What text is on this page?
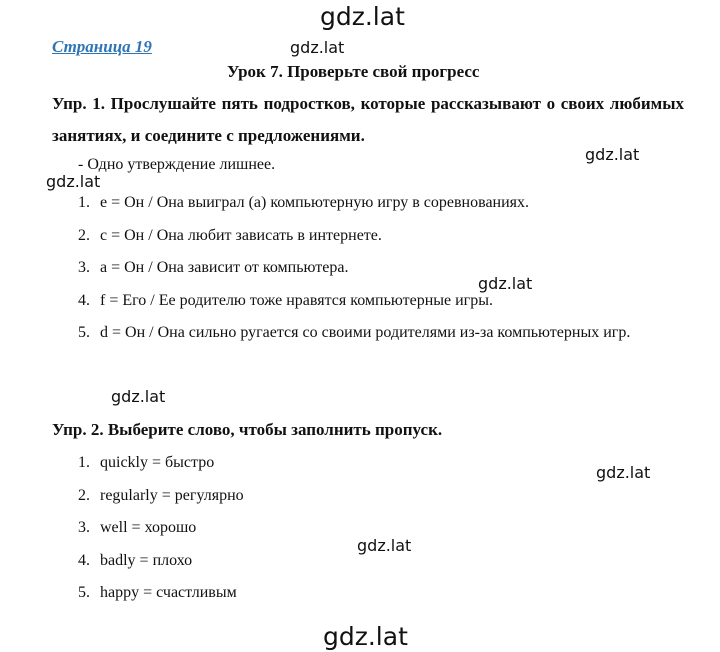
gdz.lat
gdz.lat
gdz.lat
gdz.lat
gdz.lat
gdz.lat
gdz.lat
gdz.lat
gdz.lat
Страница 19
Урок 7. Проверьте свой прогресс

Упр. 1. Прослушайте пять подростков, которые рассказывают о своих любимых занятиях, и соедините с предложениями.

- Одно утверждение лишнее.
1. e = Он / Она выиграл (а) компьютерную игру в соревнованиях.
2. c = Он / Она любит зависать в интернете.
3. a = Он / Она зависит от компьютера.
4. f = Его / Ее родителю тоже нравятся компьютерные игры.
5. d = Он / Она сильно ругается со своими родителями из-за компьютерных игр.

Упр. 2. Выберите слово, чтобы заполнить пропуск.

1. quickly = быстро
2. regularly = регулярно
3. well = хорошо
4. badly = плохо
5. happy = счастливым
